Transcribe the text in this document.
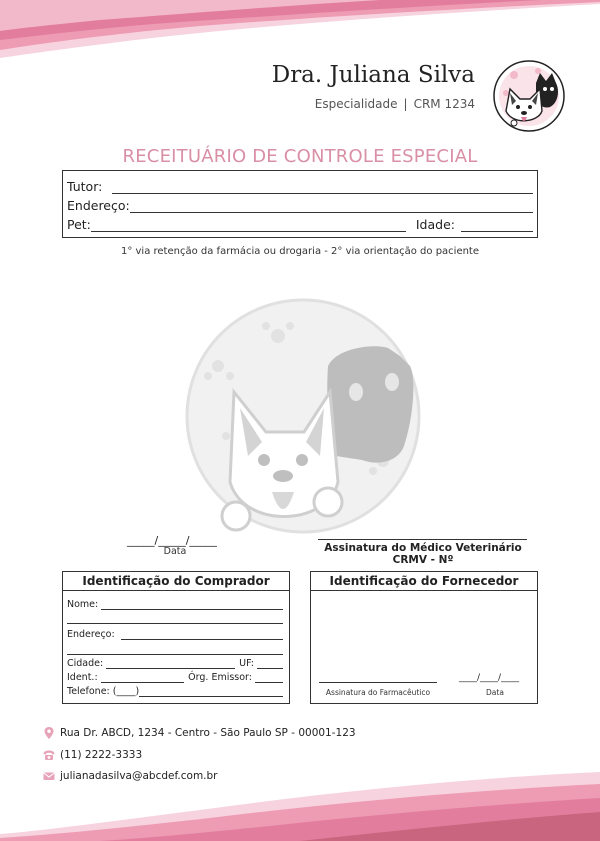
Dra. Juliana Silva
Especialidade | CRM 1234
RECEITUÁRIO DE CONTROLE ESPECIAL
Tutor:
Endereço:
Pet:	Idade:
1° via retenção da farmácia ou drogaria - 2° via orientação do paciente
_____/_____/_____
Data	Assinatura do Médico Veterinário
CRMV - Nº
Identificação do Comprador
Nome:
Endereço:
Cidade:	UF:
Ident.:	Órg. Emissor:
Telefone: (____)
Identificação do Fornecedor
Assinatura do Farmacêutico
____/____/____
Data
Rua Dr. ABCD, 1234 - Centro - São Paulo SP - 00001-123
(11) 2222-3333
julianadasilva@abcdef.com.br
